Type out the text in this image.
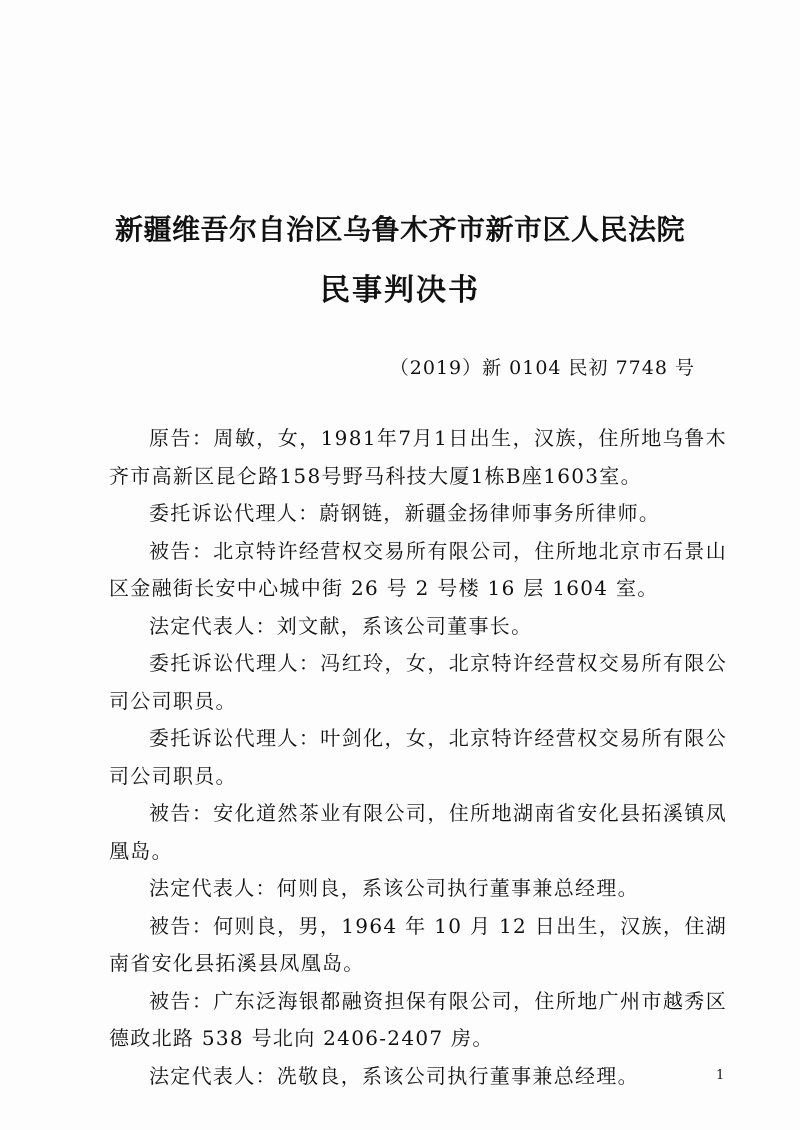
新疆维吾尔自治区乌鲁木齐市新市区人民法院
民事判决书
（2019）新 0104 民初 7748 号

原告：周敏，女，1981年7月1日出生，汉族，住所地乌鲁木齐市高新区昆仑路158号野马科技大厦1栋B座1603室。

委托诉讼代理人：蔚钢链，新疆金扬律师事务所律师。

被告：北京特许经营权交易所有限公司，住所地北京市石景山区金融街长安中心城中街 26 号 2 号楼 16 层 1604 室。

法定代表人：刘文献，系该公司董事长。

委托诉讼代理人：冯红玲，女，北京特许经营权交易所有限公司公司职员。

委托诉讼代理人：叶剑化，女，北京特许经营权交易所有限公司公司职员。

被告：安化道然茶业有限公司，住所地湖南省安化县拓溪镇凤凰岛。

法定代表人：何则良，系该公司执行董事兼总经理。

被告：何则良，男，1964 年 10 月 12 日出生，汉族，住湖南省安化县拓溪县凤凰岛。

被告：广东泛海银都融资担保有限公司，住所地广州市越秀区德政北路 538 号北向 2406-2407 房。

法定代表人：冼敬良，系该公司执行董事兼总经理。	1
